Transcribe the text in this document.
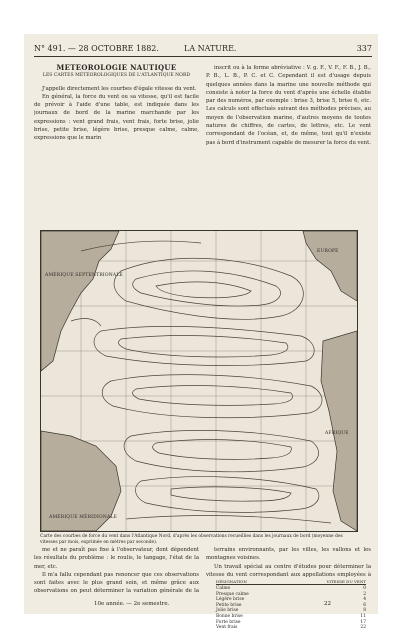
N° 491. — 28 OCTOBRE 1882.	LA NATURE.	337
MÉTÉOROLOGIE NAUTIQUE
LES CARTES MÉTÉOROLOGIQUES DE L'ATLANTIQUE NORD

J'appelle directement les courbes d'égale vitesse du vent.

En général, la force du vent ou sa vitesse, qu'il est facile de prévoir à l'aide d'une table, est indiquée dans les journaux de bord de la marine marchande par les expressions : vent grand frais, vent frais, forte brise, jolie brise, petite brise, légère brise, presque calme, calme, expressions que le marin

inscrit ou à la forme abréviative : V. g. F., V. F., F. B., J. B., P. B., L. B., P. C. et C. Cependant il est d'usage depuis quelques années dans la marine une nouvelle méthode qui consiste à noter la force du vent d'après une échelle établie par des numéros, par exemple : brise 3, brise 5, brise 6, etc. Les calculs sont effectués suivant des méthodes précises, au moyen de l'observation marine, d'autres moyens de toutes natures de chiffres, de cartes, de lettres, etc. Le vent correspondant de l'océan, et, de même, tout qu'il n'existe pas à bord d'instrument capable de mesurer la force du vent.

AMÉRIQUE SEPTENTRIONALE
AFRIQUE
AMÉRIQUE MÉRIDIONALE
EUROPE
Carte des courbes de force du vent dans l'Atlantique Nord, d'après les observations recueillies dans les journaux de bord (moyenne des vitesses par mois, exprimée en mètres par seconde).

me et ne paraît pas fixe à l'observateur, dont dépendent les résultats du problème : le roulis, le tangage, l'état de la mer, etc.

Il m'a fallu cependant pas renoncer que ces observations sont faites avec le plus grand soin, et même grâce aux observations on peut déterminer la variation générale de la

terrains environnants, par les villes, les vallons et les montagnes voisines.

Un travail spécial au centre d'études pour déterminer la vitesse du vent correspondant aux appellations employées à

DÉSIGNATION	VITESSE DU VENT
Calme	0
Presque calme	2
Légère brise	4
Petite brise	6
Jolie brise	8
Bonne brise	11
Forte brise	17
Vent frais	22
10e année. — 2e semestre.	22
